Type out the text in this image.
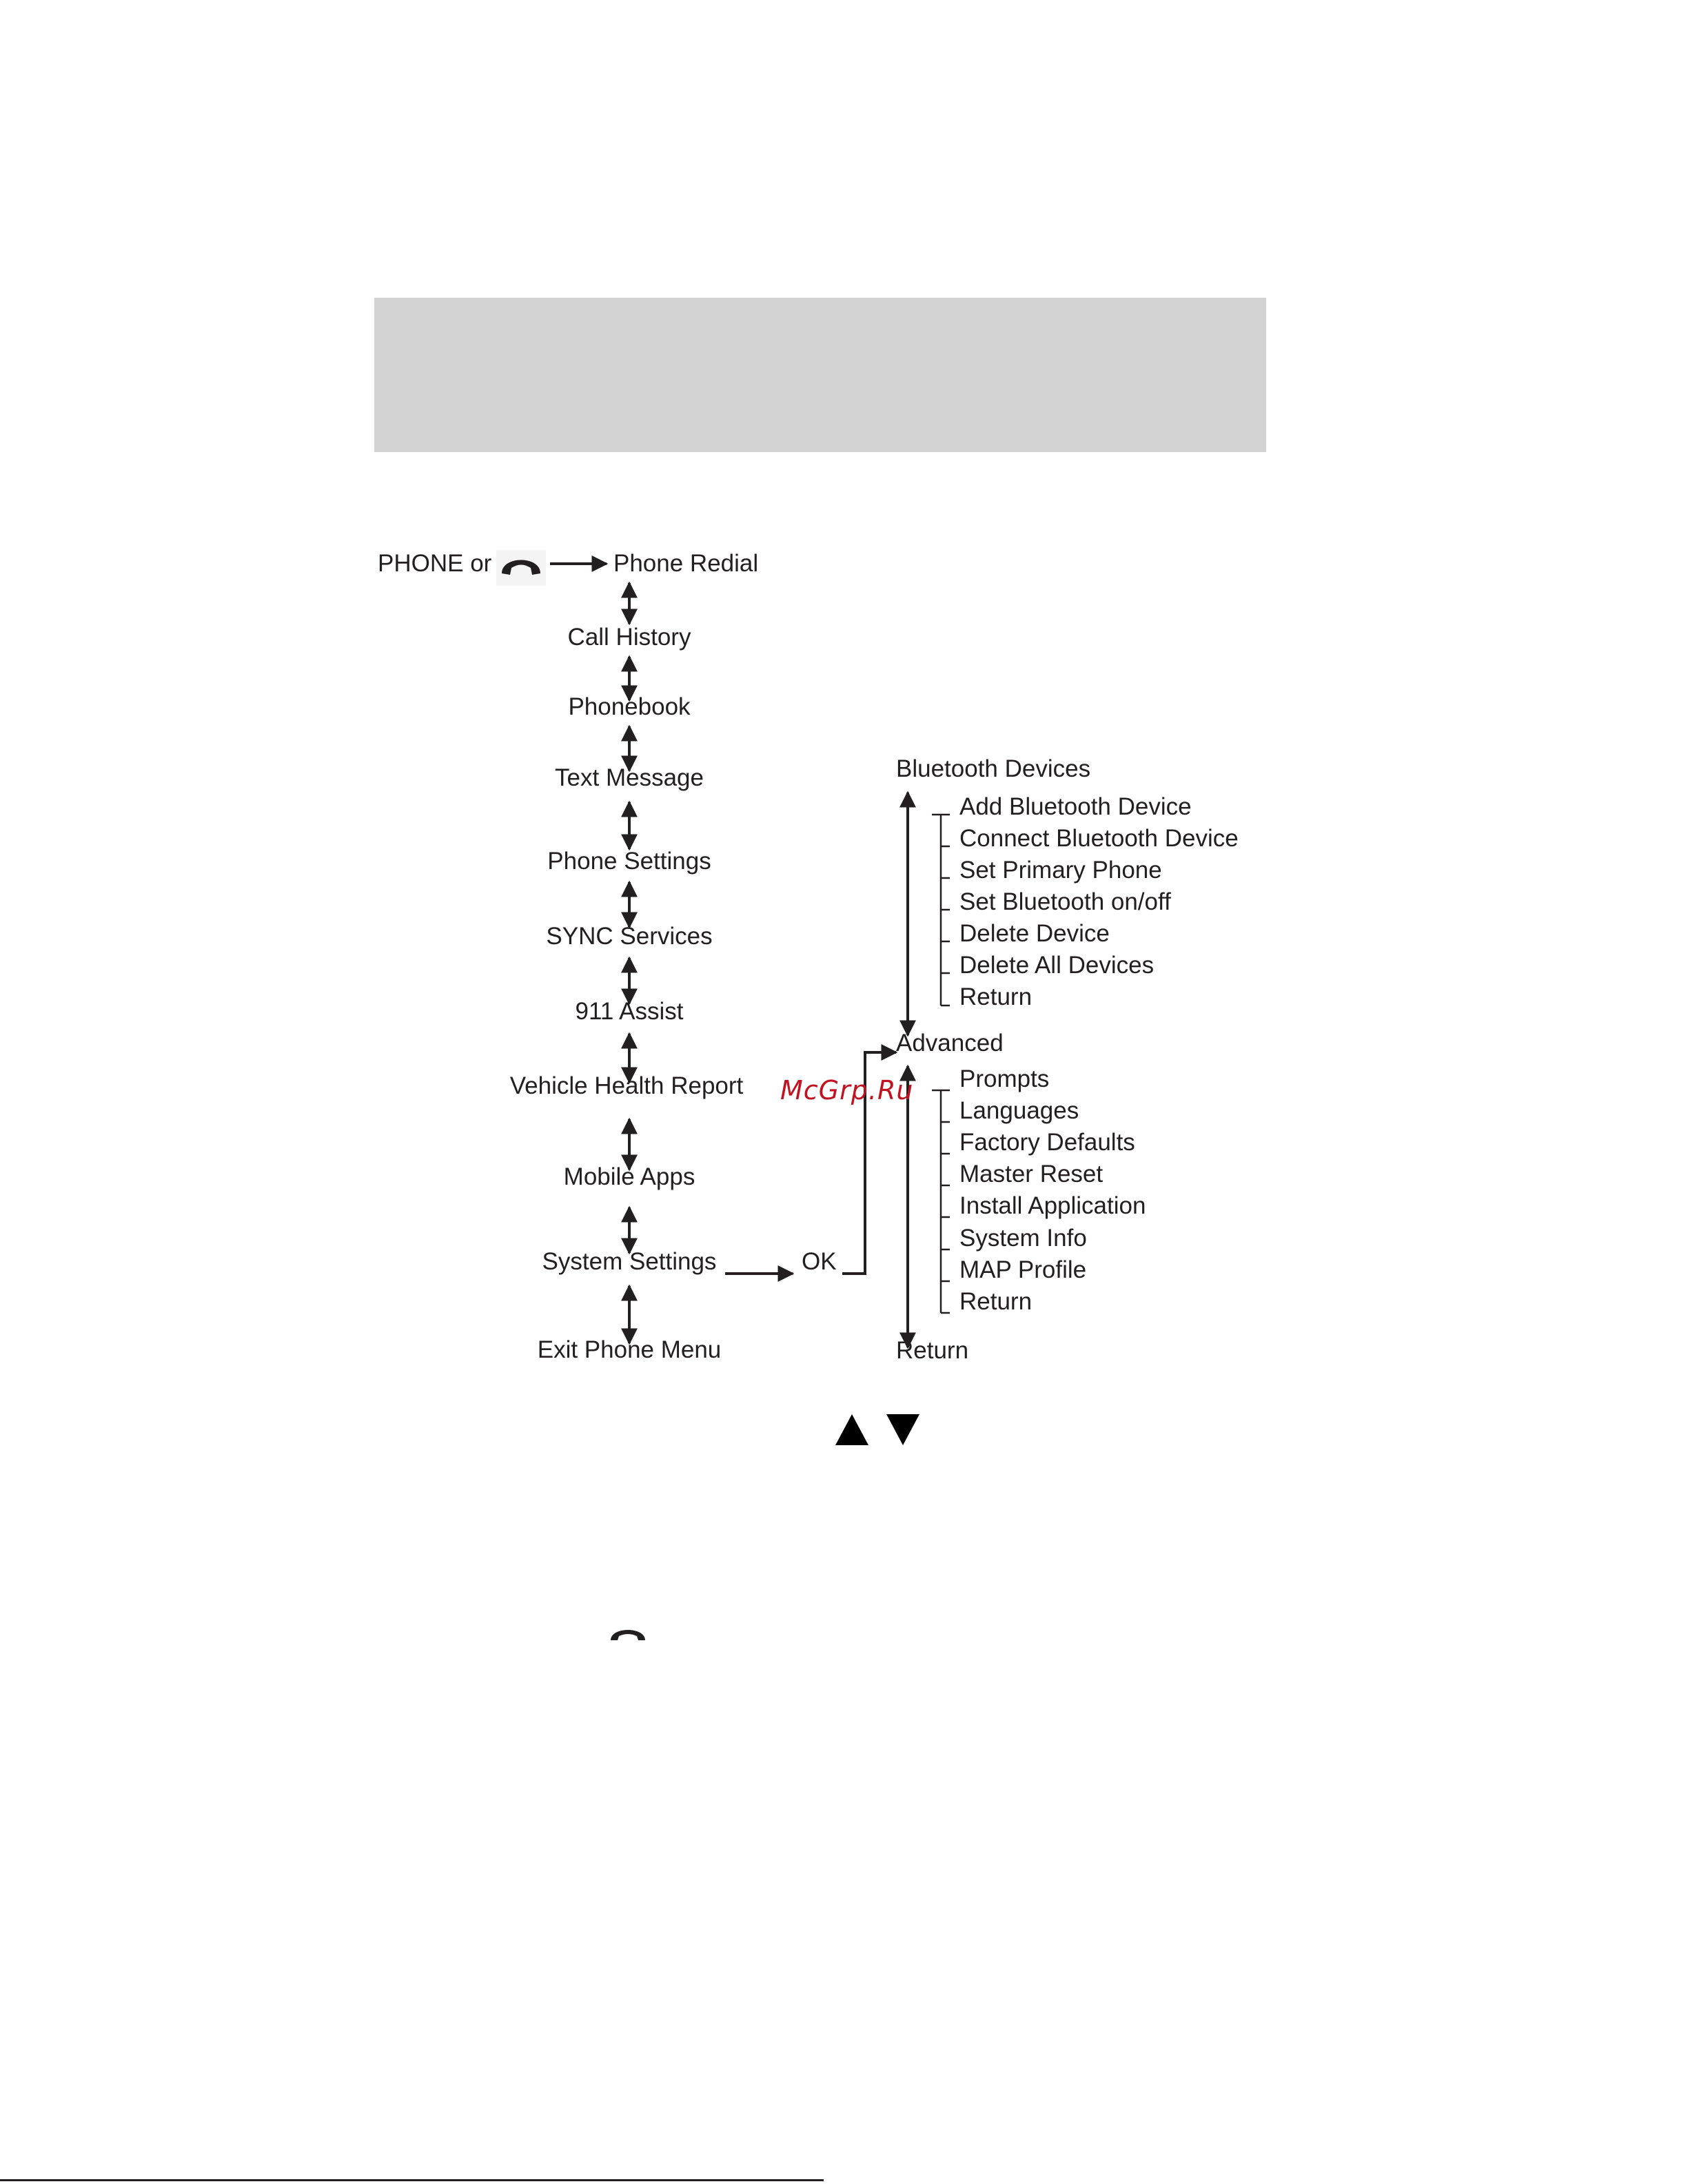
PHONE or	Phone Redial
Call History
Phonebook
Text Message
Phone Settings
SYNC Services
911 Assist
Vehicle Health Report
Mobile Apps
System Settings
Exit Phone Menu
OK
Bluetooth Devices
Add Bluetooth Device
Connect Bluetooth Device
Set Primary Phone
Set Bluetooth on/off
Delete Device
Delete All Devices
Return
Advanced
Prompts
Languages
Factory Defaults
Master Reset
Install Application
System Info
MAP Profile
Return
Return
McGrp.Ru
